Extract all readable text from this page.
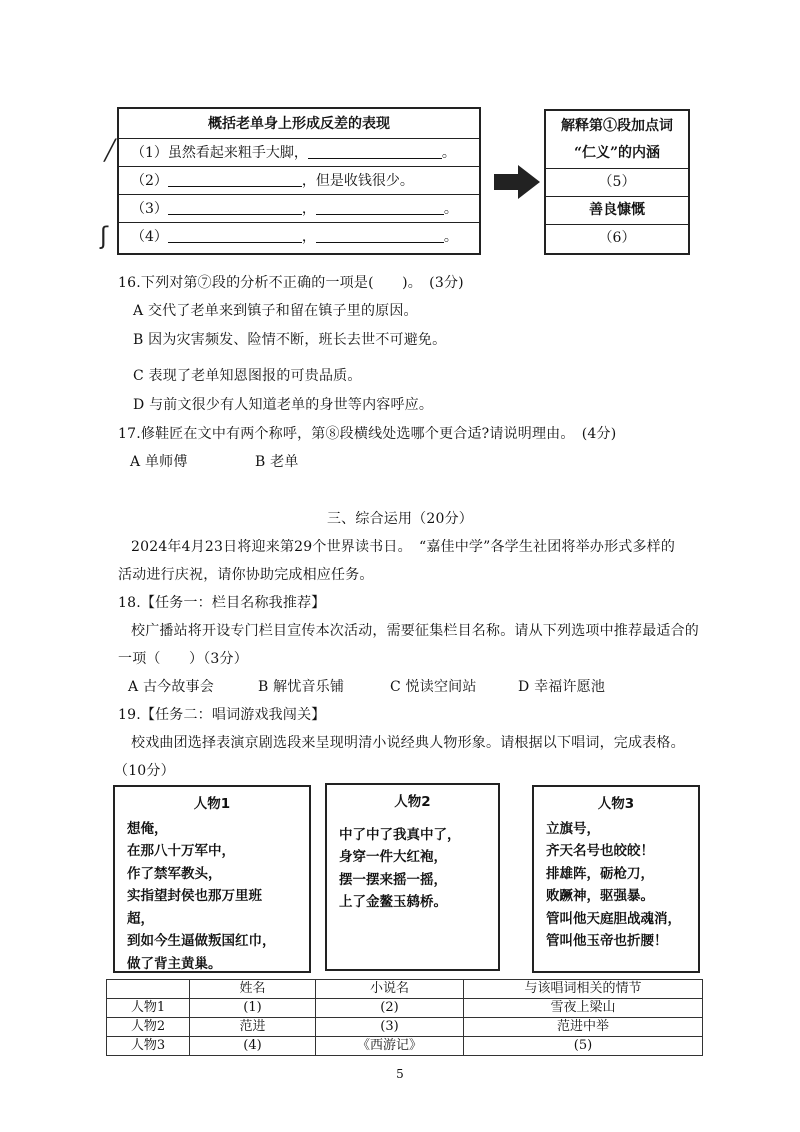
╱
ʃ
概括老单身上形成反差的表现
（1）虽然看起来粗手大脚，	。
（2）	，但是收钱很少。
（3）	，	。
（4）	，	。
解释第①段加点词
“仁义”的内涵
（5）
善良慷慨
（6）
16.下列对第⑦段的分析不正确的一项是(　　)。　(3分)
A 交代了老单来到镇子和留在镇子里的原因。
B 因为灾害频发、险情不断，班长去世不可避免。
C 表现了老单知恩图报的可贵品质。
D 与前文很少有人知道老单的身世等内容呼应。
17.修鞋匠在文中有两个称呼，第⑧段横线处选哪个更合适?请说明理由。　(4分)
A 单师傅	B 老单
三、综合运用（20分）
2024年4月23日将迎来第29个世界读书日。　“嘉佳中学”各学生社团将举办形式多样的
活动进行庆祝，请你协助完成相应任务。
18.【任务一：栏目名称我推荐】
校广播站将开设专门栏目宣传本次活动，需要征集栏目名称。请从下列选项中推荐最适合的
一项（　　）（3分）
A 古今故事会	B 解忧音乐铺	C 悦读空间站	D 幸福许愿池
19.【任务二：唱词游戏我闯关】
校戏曲团选择表演京剧选段来呈现明清小说经典人物形象。请根据以下唱词，完成表格。
（10分）
人物1
想俺，
在那八十万军中，
作了禁军教头，
实指望封侯也那万里班
超，
到如今生逼做叛国红巾，
做了背主黄巢。
人物2
中了中了我真中了，
身穿一件大红袍，
摆一摆来摇一摇，
上了金鳌玉鸫桥。
人物3
立旗号，
齐天名号也皎皎！
排雄阵，砺枪刀，
败蹶神，驱强暴。
管叫他天庭胆战魂消，
管叫他玉帝也折腰！
	姓名	小说名	与该唱词相关的情节
人物1	(1)	(2)	雪夜上梁山
人物2	范进	(3)	范进中举
人物3	(4)	《西游记》	(5)
5
